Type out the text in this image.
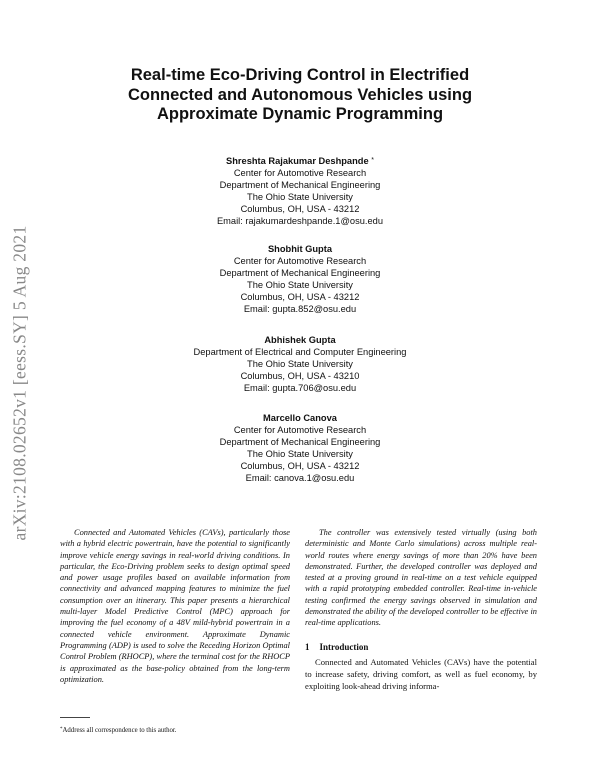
arXiv:2108.02652v1 [eess.SY] 5 Aug 2021
Real-time Eco-Driving Control in Electrified
Connected and Autonomous Vehicles using
Approximate Dynamic Programming
Shreshta Rajakumar Deshpande *
Center for Automotive Research
Department of Mechanical Engineering
The Ohio State University
Columbus, OH, USA - 43212
Email: rajakumardeshpande.1@osu.edu
Shobhit Gupta
Center for Automotive Research
Department of Mechanical Engineering
The Ohio State University
Columbus, OH, USA - 43212
Email: gupta.852@osu.edu
Abhishek Gupta
Department of Electrical and Computer Engineering
The Ohio State University
Columbus, OH, USA - 43210
Email: gupta.706@osu.edu
Marcello Canova
Center for Automotive Research
Department of Mechanical Engineering
The Ohio State University
Columbus, OH, USA - 43212
Email: canova.1@osu.edu

Connected and Automated Vehicles (CAVs), particularly those with a hybrid electric powertrain, have the potential to significantly improve vehicle energy savings in real-world driving conditions. In particular, the Eco-Driving problem seeks to design optimal speed and power usage profiles based on available information from connectivity and advanced mapping features to minimize the fuel consumption over an itinerary. This paper presents a hierarchical multi-layer Model Predictive Control (MPC) approach for improving the fuel economy of a 48V mild-hybrid powertrain in a connected vehicle environment. Approximate Dynamic Programming (ADP) is used to solve the Receding Horizon Optimal Control Problem (RHOCP), where the terminal cost for the RHOCP is approximated as the base-policy obtained from the long-term optimization.

The controller was extensively tested virtually (using both deterministic and Monte Carlo simulations) across multiple real-world routes where energy savings of more than 20% have been demonstrated. Further, the developed controller was deployed and tested at a proving ground in real-time on a test vehicle equipped with a rapid prototyping embedded controller. Real-time in-vehicle testing confirmed the energy savings observed in simulation and demonstrated the ability of the developed controller to be effective in real-time applications.

1 Introduction

Connected and Automated Vehicles (CAVs) have the potential to increase safety, driving comfort, as well as fuel economy, by exploiting look-ahead driving informa-

*Address all correspondence to this author.
